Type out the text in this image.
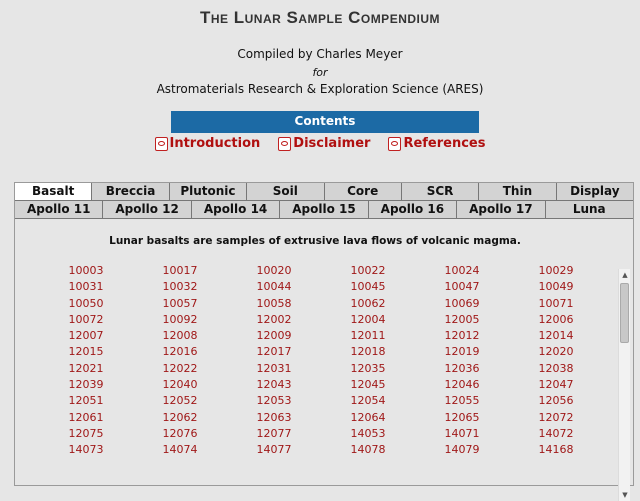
The Lunar Sample Compendium
Compiled by Charles Meyer
for
Astromaterials Research & Exploration Science (ARES)
Contents
Introduction	Disclaimer	References
Basalt	Breccia	Plutonic	Soil	Core	SCR	Thin	Display
Apollo 11	Apollo 12	Apollo 14	Apollo 15	Apollo 16	Apollo 17	Luna
Lunar basalts are samples of extrusive lava flows of volcanic magma.
10003	10017	10020	10022	10024	10029
10031	10032	10044	10045	10047	10049
10050	10057	10058	10062	10069	10071
10072	10092	12002	12004	12005	12006
12007	12008	12009	12011	12012	12014
12015	12016	12017	12018	12019	12020
12021	12022	12031	12035	12036	12038
12039	12040	12043	12045	12046	12047
12051	12052	12053	12054	12055	12056
12061	12062	12063	12064	12065	12072
12075	12076	12077	14053	14071	14072
14073	14074	14077	14078	14079	14168
▲
▼
